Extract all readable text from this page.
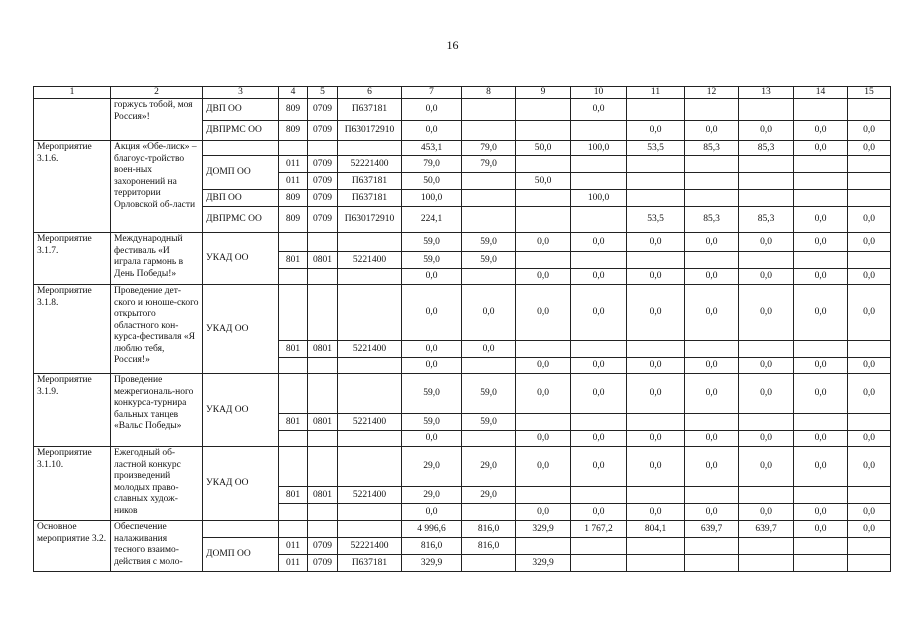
16
1	2	3	4	5	6	7	8	9	10	11	12	13	14	15
	горжусь тобой, моя Россия»!	ДВП ОО	809	0709	П637181	0,0			0,0					
		ДВПРМС ОО	809	0709	П630172910	0,0				0,0	0,0	0,0	0,0	0,0
Мероприятие 3.1.6.	Акция «Обе-лиск» – благоус-тройство воен-ных захоронений на территории Орловской об-ласти					453,1	79,0	50,0	100,0	53,5	85,3	85,3	0,0	0,0
		ДОМП ОО	011	0709	52221400	79,0	79,0							
			011	0709	П637181	50,0		50,0						
		ДВП ОО	809	0709	П637181	100,0			100,0					
		ДВПРМС ОО	809	0709	П630172910	224,1				53,5	85,3	85,3	0,0	0,0
Мероприятие 3.1.7.	Международный фестиваль «И играла гармонь в День Победы!»	УКАД ОО				59,0	59,0	0,0	0,0	0,0	0,0	0,0	0,0	0,0
			801	0801	5221400	59,0	59,0							
						0,0		0,0	0,0	0,0	0,0	0,0	0,0	0,0
Мероприятие 3.1.8.	Проведение дет-ского и юноше-ского открытого областного кон-курса-фестиваля «Я люблю тебя, Россия!»	УКАД ОО				0,0	0,0	0,0	0,0	0,0	0,0	0,0	0,0	0,0
			801	0801	5221400	0,0	0,0							
						0,0		0,0	0,0	0,0	0,0	0,0	0,0	0,0
Мероприятие 3.1.9.	Проведение межрегиональ-ного конкурса-турнира бальных танцев «Вальс Победы»	УКАД ОО				59,0	59,0	0,0	0,0	0,0	0,0	0,0	0,0	0,0
			801	0801	5221400	59,0	59,0							
						0,0		0,0	0,0	0,0	0,0	0,0	0,0	0,0
Мероприятие 3.1.10.	Ежегодный об-ластной конкурс произведений молодых право-славных худож-ников	УКАД ОО				29,0	29,0	0,0	0,0	0,0	0,0	0,0	0,0	0,0
			801	0801	5221400	29,0	29,0							
						0,0		0,0	0,0	0,0	0,0	0,0	0,0	0,0
Основное мероприятие 3.2.	Обеспечение налаживания тесного взаимо-действия с моло-					4 996,6	816,0	329,9	1 767,2	804,1	639,7	639,7	0,0	0,0
		ДОМП ОО	011	0709	52221400	816,0	816,0							
			011	0709	П637181	329,9		329,9						
